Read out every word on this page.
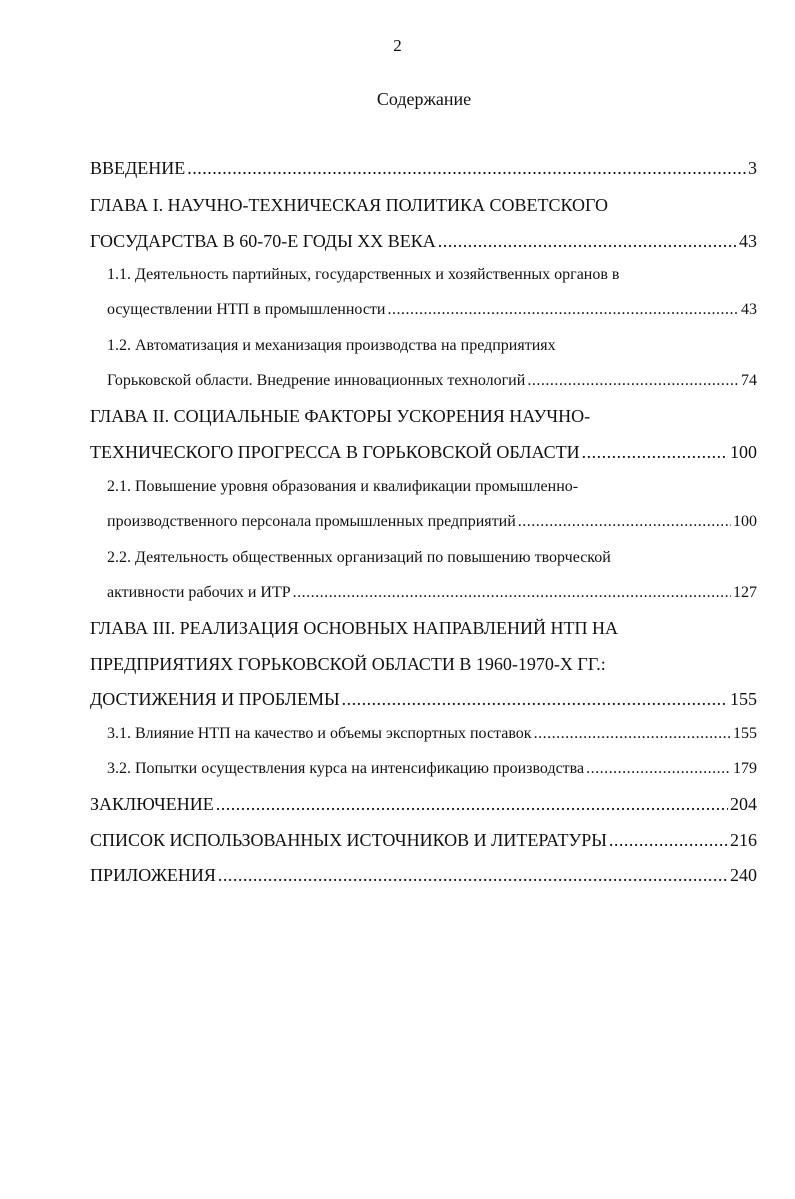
2
Содержание
ВВЕДЕНИЕ .....	3
ГЛАВА I. НАУЧНО-ТЕХНИЧЕСКАЯ ПОЛИТИКА СОВЕТСКОГО
ГОСУДАРСТВА В 60-70-Е ГОДЫ XX ВЕКА .....	43
1.1. Деятельность партийных, государственных и хозяйственных органов в
осуществлении НТП в промышленности .....	43
1.2. Автоматизация и механизация производства на предприятиях
Горьковской области. Внедрение инновационных технологий .....	74
ГЛАВА II. СОЦИАЛЬНЫЕ ФАКТОРЫ УСКОРЕНИЯ НАУЧНО-
ТЕХНИЧЕСКОГО ПРОГРЕССА В ГОРЬКОВСКОЙ ОБЛАСТИ .....	100
2.1. Повышение уровня образования и квалификации промышленно-
производственного персонала промышленных предприятий .....	100
2.2. Деятельность общественных организаций по повышению творческой
активности рабочих и ИТР .....	127
ГЛАВА III. РЕАЛИЗАЦИЯ ОСНОВНЫХ НАПРАВЛЕНИЙ НТП НА
ПРЕДПРИЯТИЯХ ГОРЬКОВСКОЙ ОБЛАСТИ В 1960-1970-Х ГГ.:
ДОСТИЖЕНИЯ И ПРОБЛЕМЫ .....	155
3.1. Влияние НТП на качество и объемы экспортных поставок .....	155
3.2. Попытки осуществления курса на интенсификацию производства .....	179
ЗАКЛЮЧЕНИЕ .....	204
СПИСОК ИСПОЛЬЗОВАННЫХ ИСТОЧНИКОВ И ЛИТЕРАТУРЫ .....	216
ПРИЛОЖЕНИЯ .....	240
